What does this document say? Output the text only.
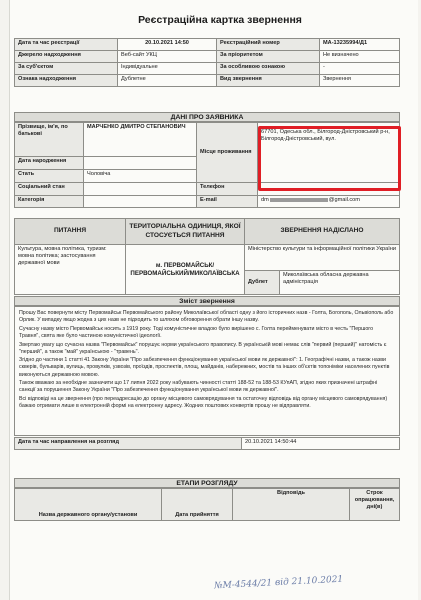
Реєстраційна картка звернення
Дата та час реєстрації	20.10.2021 14:50	Реєстраційний номер	МА-13235994/Д1
Джерело надходження	Веб-сайт УКЦ	За пріоритетом	Не визначено
За суб'єктом	Індивідуальне	За особливою ознакою	-
Ознака надходження	Дублетне	Вид звернення	Звернення
ДАНІ ПРО ЗАЯВНИКА
Прізвище, ім'я, по батькові	МАРЧЕНКО ДМИТРО СТЕПАНОВИЧ	Місце проживання	67701, Одеська обл., Білгород-Дністровський р-н, Білгород-Дністровський, вул.
Дата народження			
Стать	Чоловіча		
Соціальний стан		Телефон	
Категорія		E-mail	dm @gmail.com
ПИТАННЯ	ТЕРИТОРІАЛЬНА ОДИНИЦЯ, ЯКОЇ СТОСУЄТЬСЯ ПИТАННЯ	ЗВЕРНЕННЯ НАДІСЛАНО
Культура, мовна політика, туризм: мовна політика; застосування державної мови	м. ПЕРВОМАЙСЬК/ПЕРВОМАЙСЬКИЙ/МИКОЛАЇВСЬКА	Міністерство культури та інформаційної політики України	
		Дублет	Миколаївська обласна державна адміністрація
Зміст звернення

Прошу Вас повернути місту Первомайськ Первомайського району Миколаївської області одну з його історичних назв - Голта, Богополь, Ольвіополь або Орлик. У випадку якщо жодна з цих назв не підходить то шляхом обговорення обрати іншу назву.

Сучасну назву місто Первомайськ носить з 1919 року. Тоді комуністичне владою було вирішено с. Голта перейменувати місто в честь "Першого Травня", свята яке було частиною комуністичної ідеології.

Звертаю увагу що сучасна назва "Первомайськ" порушує норми українського правопису. В українській мові немає слів "первий (перший)" натомість є "перший", а також "май" українською - "травень".

Згідно до частини 1 статті 41 Закону України "Про забезпечення функціонування української мови як державної": 1. Географічні назви, а також назви скверів, бульварів, вулиць, провулків, узвозів, проїздів, проспектів, площ, майданів, набережних, мостів та інших об'єктів топоніміки населених пунктів виконуються державною мовою.

Також вважаю за необхідне зазначити що 17 липня 2022 року набувають чинності статті 188-52 та 188-53 КУпАП, згідно яких призначені штрафні санкції за порушення Закону України "Про забезпечення функціонування української мови як державної".

Всі відповіді на це звернення (про переадресацію до органу місцевого самоврядування та остаточну відповідь від органу місцевого самоврядування) бажаю отримати лише в електронній формі на електронну адресу. Жодних поштових конвертів прошу не відправляти.

Дата та час направлення на розгляд	20.10.2021 14:50:44
ЕТАПИ РОЗГЛЯДУ
Назва державного органу/установи	Дата прийняття	Відповідь	Строк опрацювання, дні(в)
№М-4544/21 від 21.10.2021
